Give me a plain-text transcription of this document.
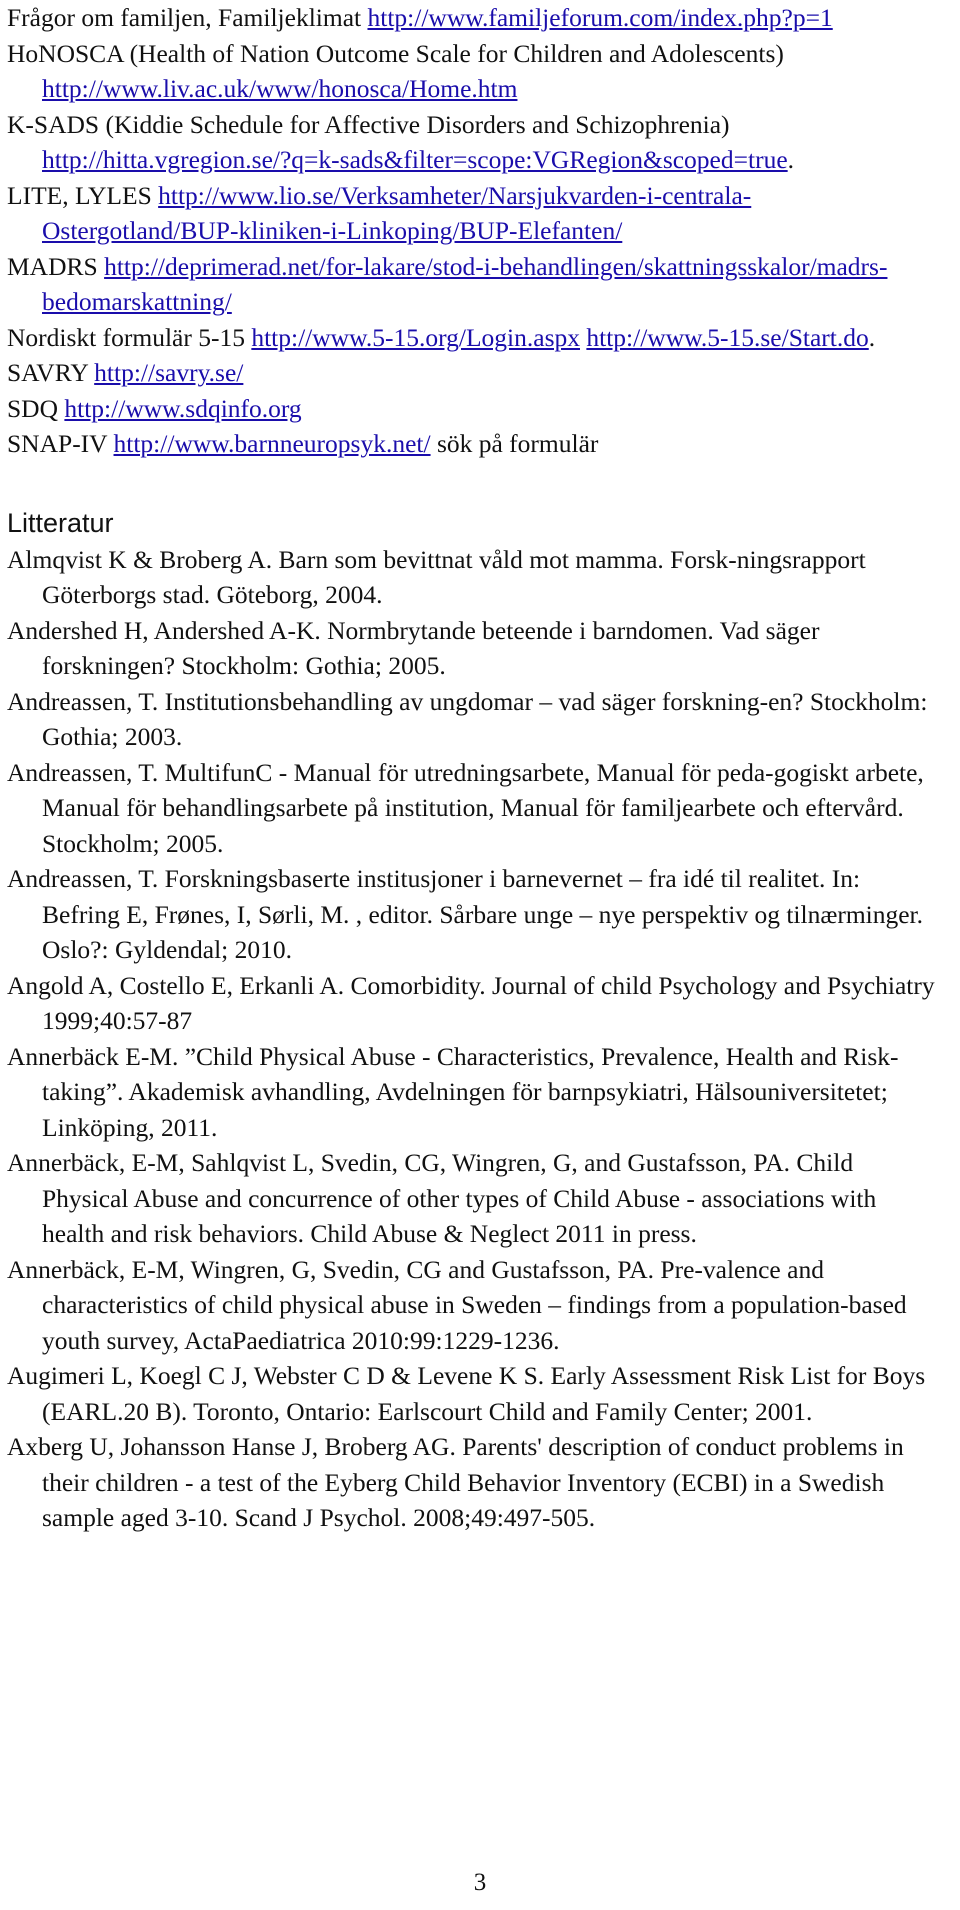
Frågor om familjen, Familjeklimat http://www.familjeforum.com/index.php?p=1

HoNOSCA (Health of Nation Outcome Scale for Children and Adolescents) http://www.liv.ac.uk/www/honosca/Home.htm

K-SADS (Kiddie Schedule for Affective Disorders and Schizophrenia) http://hitta.vgregion.se/?q=k-sads&filter=scope:VGRegion&scoped=true.

LITE, LYLES http://www.lio.se/Verksamheter/Narsjukvarden-i-centrala-Ostergotland/BUP-kliniken-i-Linkoping/BUP-Elefanten/

MADRS http://deprimerad.net/for-lakare/stod-i-behandlingen/skattningsskalor/madrs-bedomarskattning/

Nordiskt formulär 5-15 http://www.5-15.org/Login.aspx http://www.5-15.se/Start.do.

SAVRY http://savry.se/

SDQ http://www.sdqinfo.org

SNAP-IV http://www.barnneuropsyk.net/ sök på formulär

Litteratur

Almqvist K & Broberg A. Barn som bevittnat våld mot mamma. Forsk-ningsrapport Göterborgs stad. Göteborg, 2004.

Andershed H, Andershed A-K. Normbrytande beteende i barndomen. Vad säger forskningen? Stockholm: Gothia; 2005.

Andreassen, T. Institutionsbehandling av ungdomar – vad säger forskning-en? Stockholm: Gothia; 2003.

Andreassen, T. MultifunC - Manual för utredningsarbete, Manual för peda-gogiskt arbete, Manual för behandlingsarbete på institution, Manual för familjearbete och eftervård. Stockholm; 2005.

Andreassen, T. Forskningsbaserte institusjoner i barnevernet – fra idé til realitet. In: Befring E, Frønes, I, Sørli, M. , editor. Sårbare unge – nye perspektiv og tilnærminger. Oslo?: Gyldendal; 2010.

Angold A, Costello E, Erkanli A. Comorbidity. Journal of child Psychology and Psychiatry 1999;40:57-87

Annerbäck E-M. ”Child Physical Abuse - Characteristics, Prevalence, Health and Risk-taking”. Akademisk avhandling, Avdelningen för barnpsykiatri, Hälsouniversitetet; Linköping, 2011.

Annerbäck, E-M, Sahlqvist L, Svedin, CG, Wingren, G, and Gustafsson, PA. Child Physical Abuse and concurrence of other types of Child Abuse - associations with health and risk behaviors. Child Abuse & Neglect 2011 in press.

Annerbäck, E-M, Wingren, G, Svedin, CG and Gustafsson, PA. Pre-valence and characteristics of child physical abuse in Sweden – findings from a population-based youth survey, ActaPaediatrica 2010:99:1229-1236.

Augimeri L, Koegl C J, Webster C D & Levene K S. Early Assessment Risk List for Boys (EARL.20 B). Toronto, Ontario: Earlscourt Child and Family Center; 2001.

Axberg U, Johansson Hanse J, Broberg AG. Parents' description of conduct problems in their children - a test of the Eyberg Child Behavior Inventory (ECBI) in a Swedish sample aged 3-10. Scand J Psychol. 2008;49:497-505.

3
